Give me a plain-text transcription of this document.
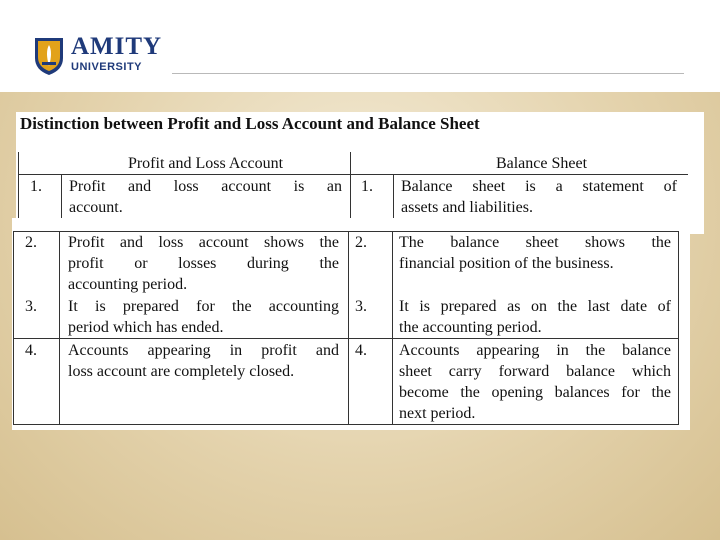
AMITY
UNIVERSITY
Distinction between Profit and Loss Account and Balance Sheet
Profit and Loss Account	Balance Sheet
1. Profit and loss account is an
account.
1. Balance sheet is a statement of
assets and liabilities.
2. Profit and loss account shows the
profit or losses during the
accounting period.
2. The balance sheet shows the
financial position of the business.
3. It is prepared for the accounting
period which has ended.
3. It is prepared as on the last date of
the accounting period.
4. Accounts appearing in profit and
loss account are completely closed.
4. Accounts appearing in the balance
sheet carry forward balance which
become the opening balances for the
next period.
